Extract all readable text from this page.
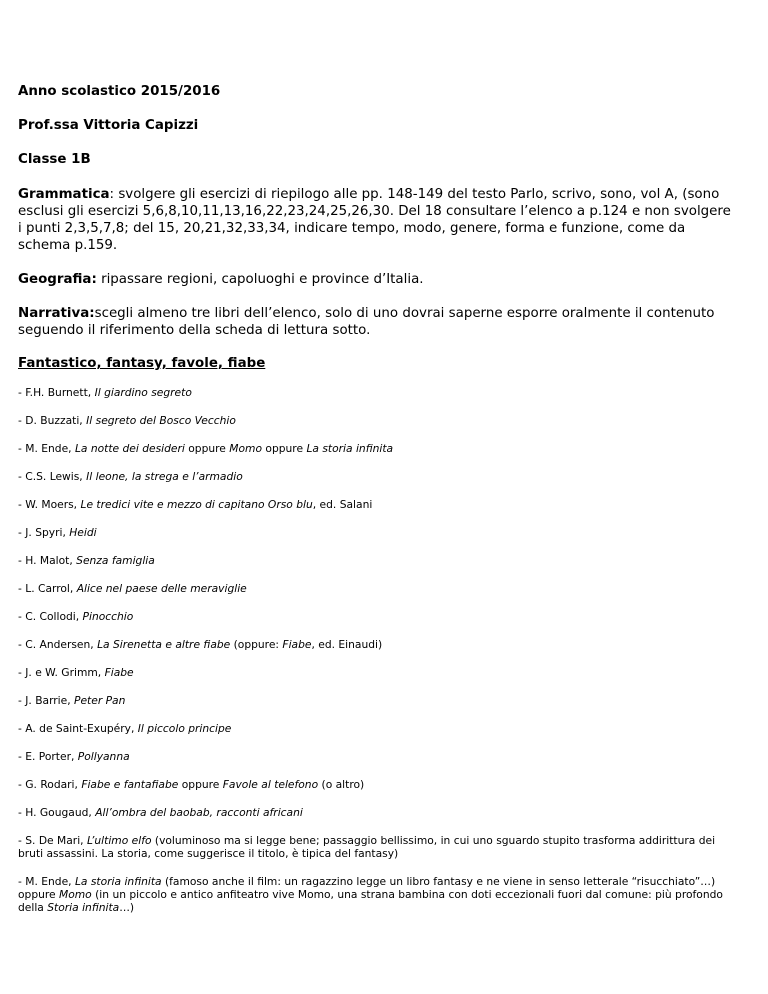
Anno scolastico 2015/2016

Prof.ssa Vittoria Capizzi

Classe 1B

Grammatica: svolgere gli esercizi di riepilogo alle pp. 148-149 del testo Parlo, scrivo, sono, vol A, (sono esclusi gli esercizi 5,6,8,10,11,13,16,22,23,24,25,26,30. Del 18 consultare l’elenco a p.124 e non svolgere i punti 2,3,5,7,8; del 15, 20,21,32,33,34, indicare tempo, modo, genere, forma e funzione, come da schema p.159.

Geografia: ripassare regioni, capoluoghi e province d’Italia.

Narrativa:scegli almeno tre libri dell’elenco, solo di uno dovrai saperne esporre oralmente il contenuto seguendo il riferimento della scheda di lettura sotto.

Fantastico, fantasy, favole, fiabe

- F.H. Burnett, Il giardino segreto
- D. Buzzati, Il segreto del Bosco Vecchio
- M. Ende, La notte dei desideri oppure Momo oppure La storia infinita
- C.S. Lewis, Il leone, la strega e l’armadio
- W. Moers, Le tredici vite e mezzo di capitano Orso blu, ed. Salani
- J. Spyri, Heidi
- H. Malot, Senza famiglia
- L. Carrol, Alice nel paese delle meraviglie
- C. Collodi, Pinocchio
- C. Andersen, La Sirenetta e altre fiabe (oppure: Fiabe, ed. Einaudi)
- J. e W. Grimm, Fiabe
- J. Barrie, Peter Pan
- A. de Saint-Exupéry, Il piccolo principe
- E. Porter, Pollyanna
- G. Rodari, Fiabe e fantafiabe oppure Favole al telefono (o altro)
- H. Gougaud, All’ombra del baobab, racconti africani
- S. De Mari, L’ultimo elfo (voluminoso ma si legge bene; passaggio bellissimo, in cui uno sguardo stupito trasforma addirittura dei bruti assassini. La storia, come suggerisce il titolo, è tipica del fantasy)
- M. Ende, La storia infinita (famoso anche il film: un ragazzino legge un libro fantasy e ne viene in senso letterale “risucchiato”…) oppure Momo (in un piccolo e antico anfiteatro vive Momo, una strana bambina con doti eccezionali fuori dal comune: più profondo della Storia infinita…)
